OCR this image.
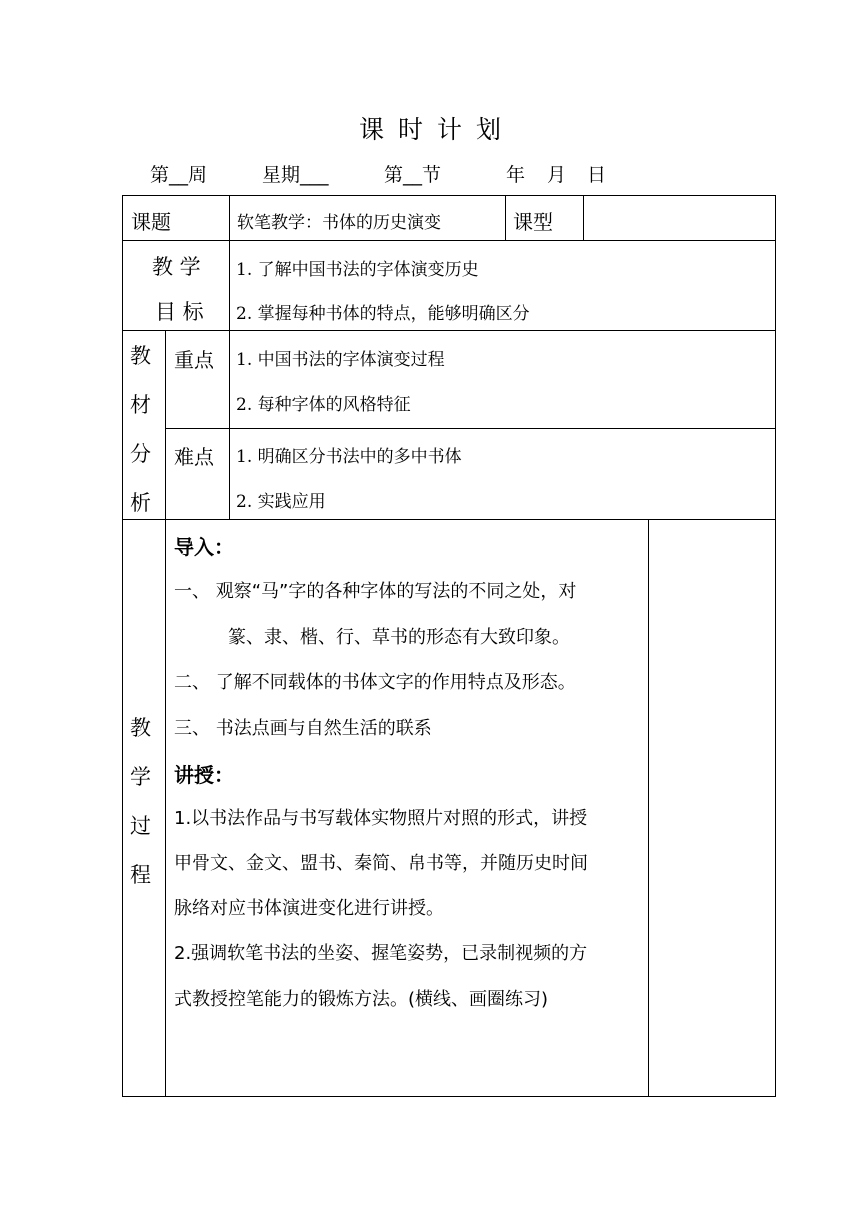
课时计划
第__周	星期___	第__节	年 月 日
课题	软笔教学：书体的历史演变	课型
教 学
目 标
1. 了解中国书法的字体演变历史
2. 掌握每种书体的特点，能够明确区分
教
材
分
析
重点 1. 中国书法的字体演变过程
2. 每种字体的风格特征
难点 1. 明确区分书法中的多中书体
2. 实践应用
教
学
过
程
导入：
一、 观察“马”字的各种字体的写法的不同之处，对
篆、隶、楷、行、草书的形态有大致印象。
二、 了解不同载体的书体文字的作用特点及形态。
三、 书法点画与自然生活的联系
讲授：
1.以书法作品与书写载体实物照片对照的形式，讲授
甲骨文、金文、盟书、秦简、帛书等，并随历史时间
脉络对应书体演进变化进行讲授。
2.强调软笔书法的坐姿、握笔姿势，已录制视频的方
式教授控笔能力的锻炼方法。(横线、画圈练习)
